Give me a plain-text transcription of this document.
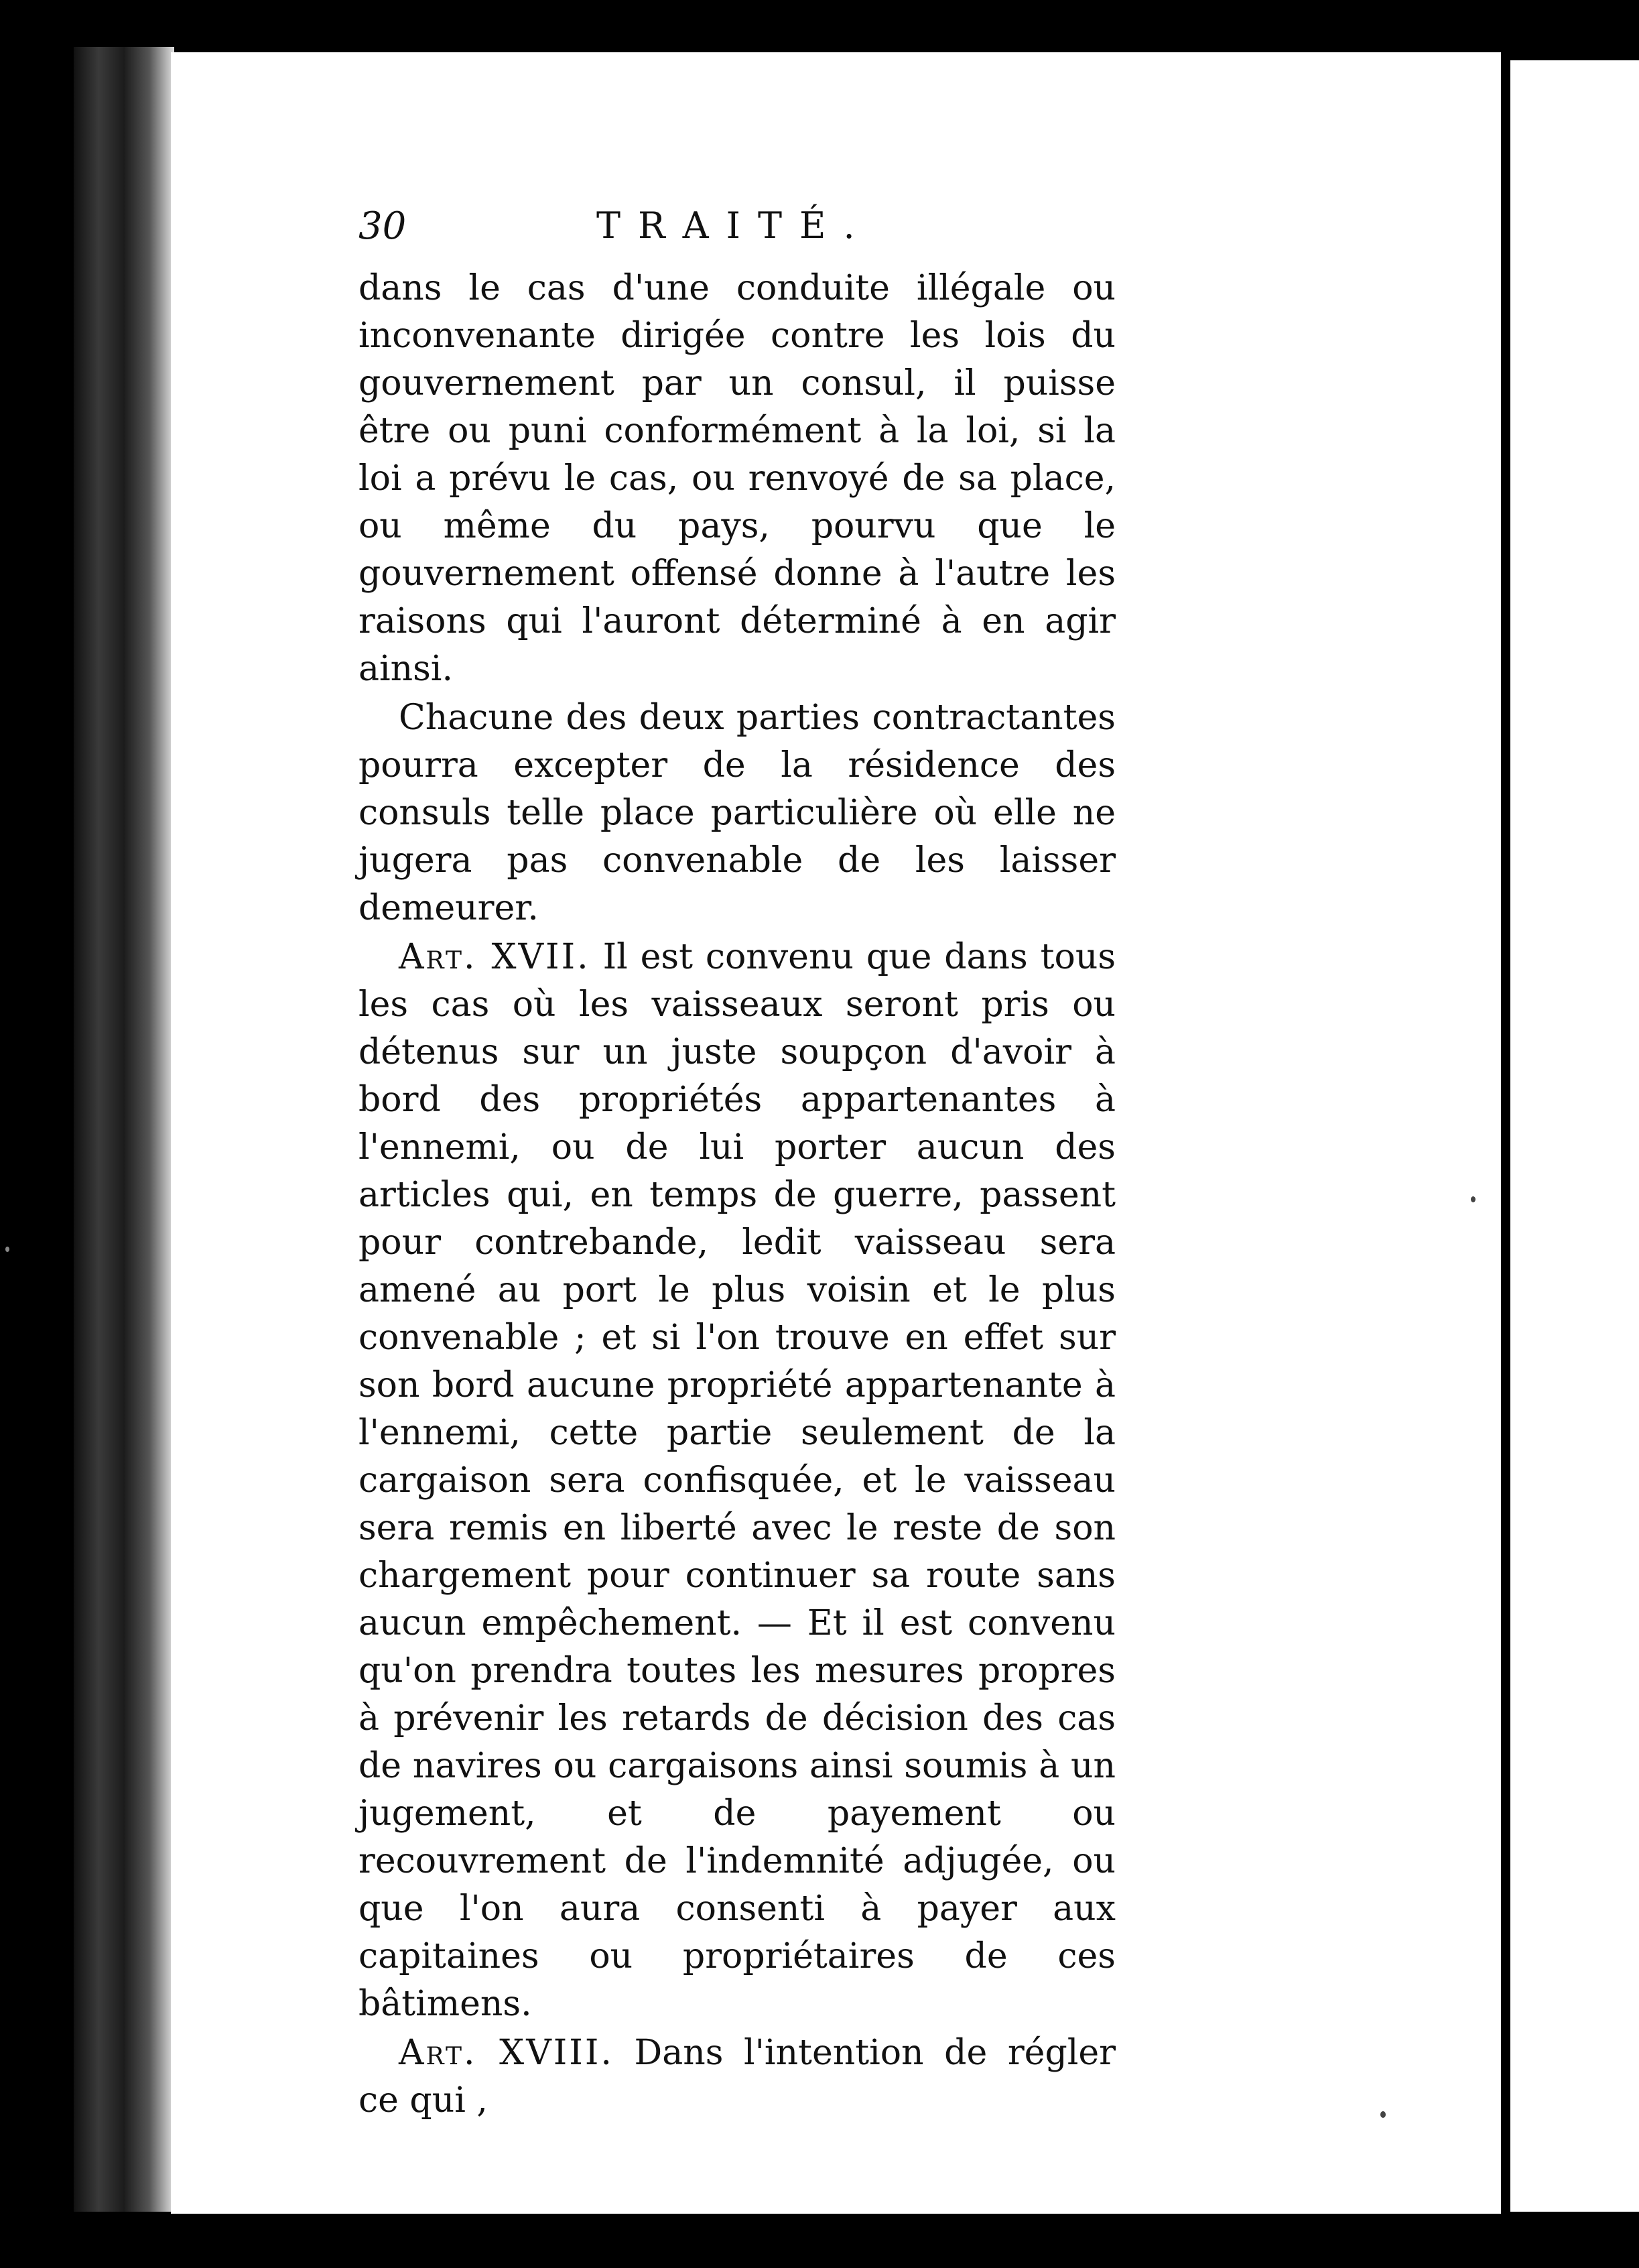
30	TRAITÉ.

dans le cas d'une conduite illégale ou inconvenante dirigée contre les lois du gouvernement par un consul, il puisse être ou puni conformément à la loi, si la loi a prévu le cas, ou renvoyé de sa place, ou même du pays, pourvu que le gouvernement offensé donne à l'autre les raisons qui l'auront déterminé à en agir ainsi.

Chacune des deux parties contractantes pourra excepter de la résidence des consuls telle place particulière où elle ne jugera pas convenable de les laisser demeurer.

Art. XVII. Il est convenu que dans tous les cas où les vaisseaux seront pris ou détenus sur un juste soupçon d'avoir à bord des propriétés appartenantes à l'ennemi, ou de lui porter aucun des articles qui, en temps de guerre, passent pour contrebande, ledit vaisseau sera amené au port le plus voisin et le plus convenable ; et si l'on trouve en effet sur son bord aucune propriété appartenante à l'ennemi, cette partie seulement de la cargaison sera confisquée, et le vaisseau sera remis en liberté avec le reste de son chargement pour continuer sa route sans aucun empêchement. — Et il est convenu qu'on prendra toutes les mesures propres à prévenir les retards de décision des cas de navires ou cargaisons ainsi soumis à un jugement, et de payement ou recouvrement de l'indemnité adjugée, ou que l'on aura consenti à payer aux capitaines ou propriétaires de ces bâtimens.

Art. XVIII. Dans l'intention de régler ce qui ,
